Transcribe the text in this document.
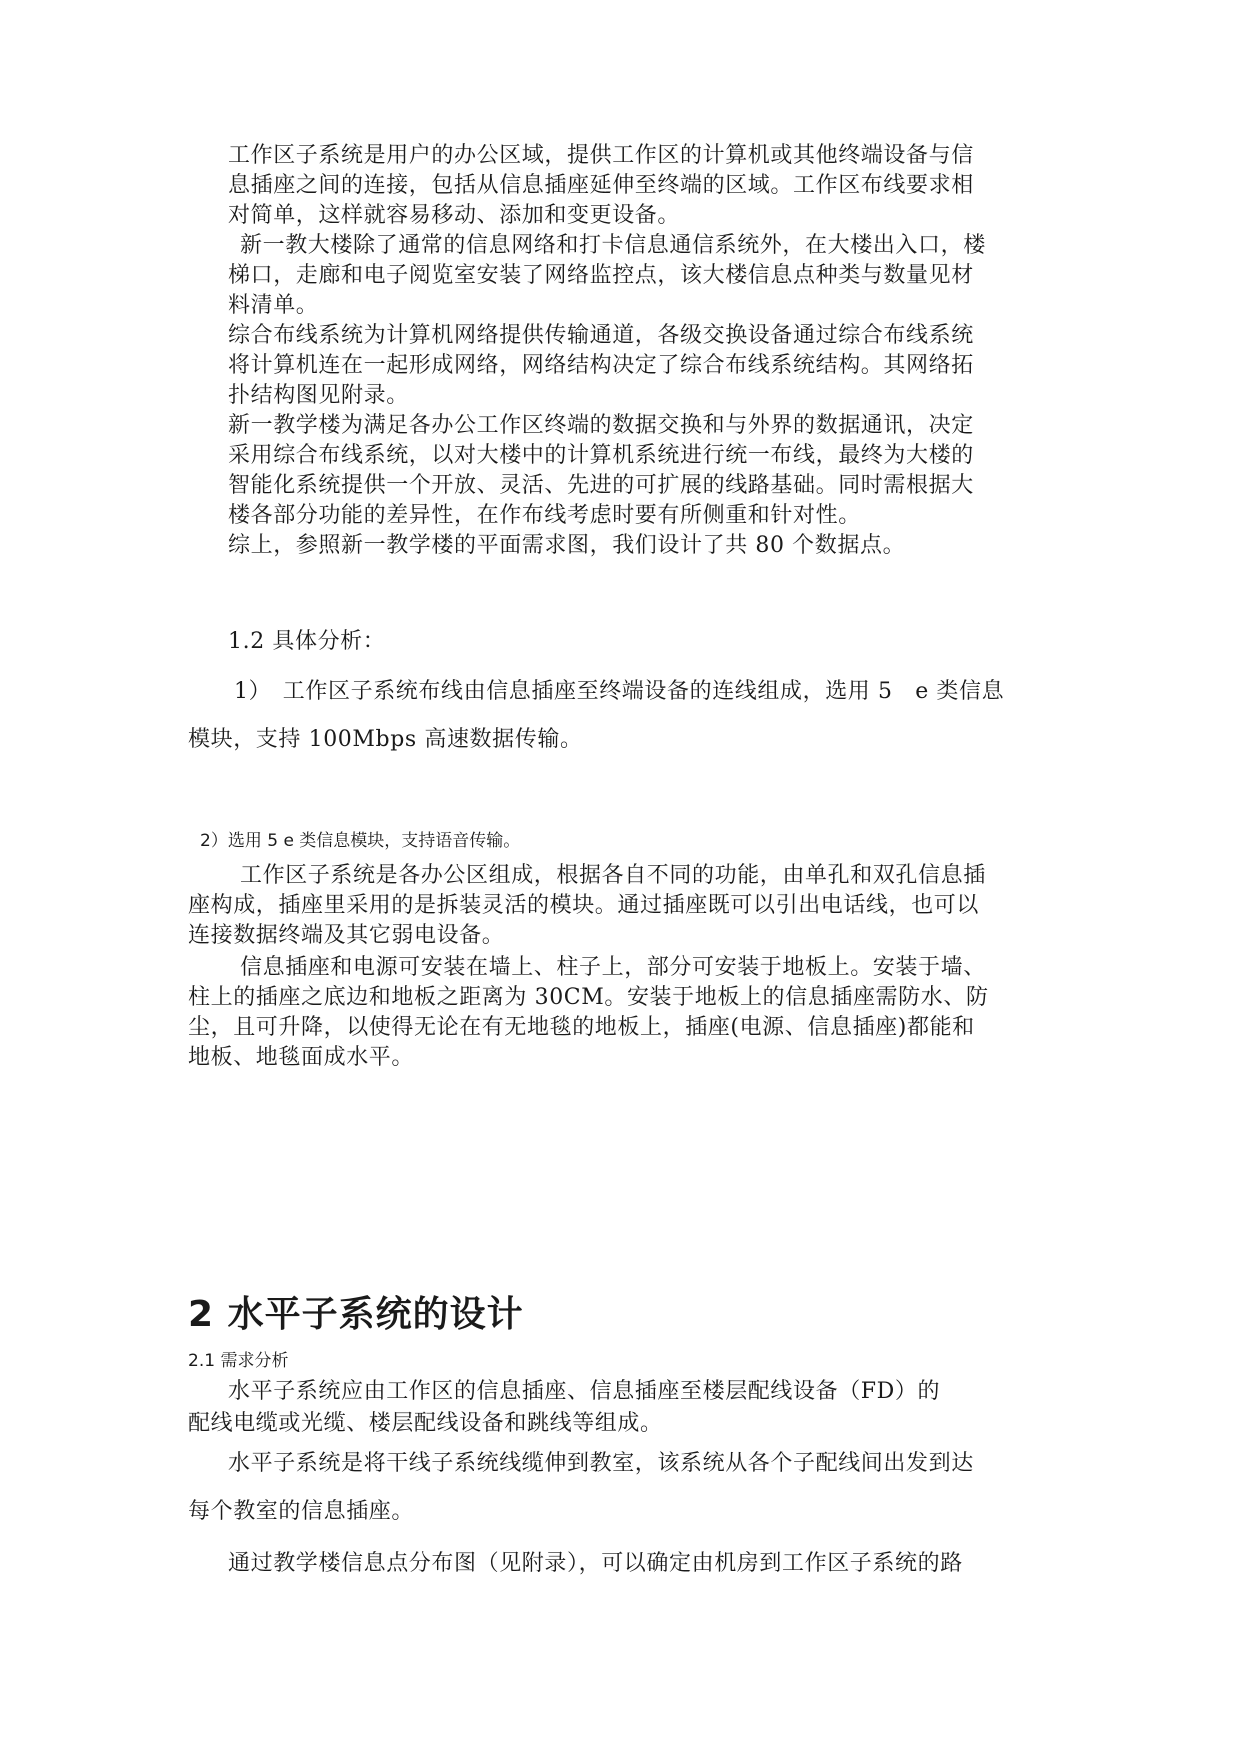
工作区子系统是用户的办公区域，提供工作区的计算机或其他终端设备与信
息插座之间的连接，包括从信息插座延伸至终端的区域。工作区布线要求相
对简单，这样就容易移动、添加和变更设备。
新一教大楼除了通常的信息网络和打卡信息通信系统外，在大楼出入口，楼
梯口，走廊和电子阅览室安装了网络监控点，该大楼信息点种类与数量见材
料清单。
综合布线系统为计算机网络提供传输通道，各级交换设备通过综合布线系统
将计算机连在一起形成网络，网络结构决定了综合布线系统结构。其网络拓
扑结构图见附录。
新一教学楼为满足各办公工作区终端的数据交换和与外界的数据通讯，决定
采用综合布线系统，以对大楼中的计算机系统进行统一布线，最终为大楼的
智能化系统提供一个开放、灵活、先进的可扩展的线路基础。同时需根据大
楼各部分功能的差异性，在作布线考虑时要有所侧重和针对性。
综上，参照新一教学楼的平面需求图，我们设计了共 80 个数据点。
1.2 具体分析：
1）　工作区子系统布线由信息插座至终端设备的连线组成，选用 5　e 类信息
模块，支持 100Mbps 高速数据传输。
2）选用 5 e 类信息模块，支持语音传输。
工作区子系统是各办公区组成，根据各自不同的功能，由单孔和双孔信息插
座构成，插座里采用的是拆装灵活的模块。通过插座既可以引出电话线，也可以
连接数据终端及其它弱电设备。
信息插座和电源可安装在墙上、柱子上，部分可安装于地板上。安装于墙、
柱上的插座之底边和地板之距离为 30CM。安装于地板上的信息插座需防水、防
尘，且可升降，以使得无论在有无地毯的地板上，插座(电源、信息插座)都能和
地板、地毯面成水平。
2 水平子系统的设计
2.1 需求分析
水平子系统应由工作区的信息插座、信息插座至楼层配线设备（FD）的
配线电缆或光缆、楼层配线设备和跳线等组成。
水平子系统是将干线子系统线缆伸到教室，该系统从各个子配线间出发到达
每个教室的信息插座。
通过教学楼信息点分布图（见附录），可以确定由机房到工作区子系统的路
